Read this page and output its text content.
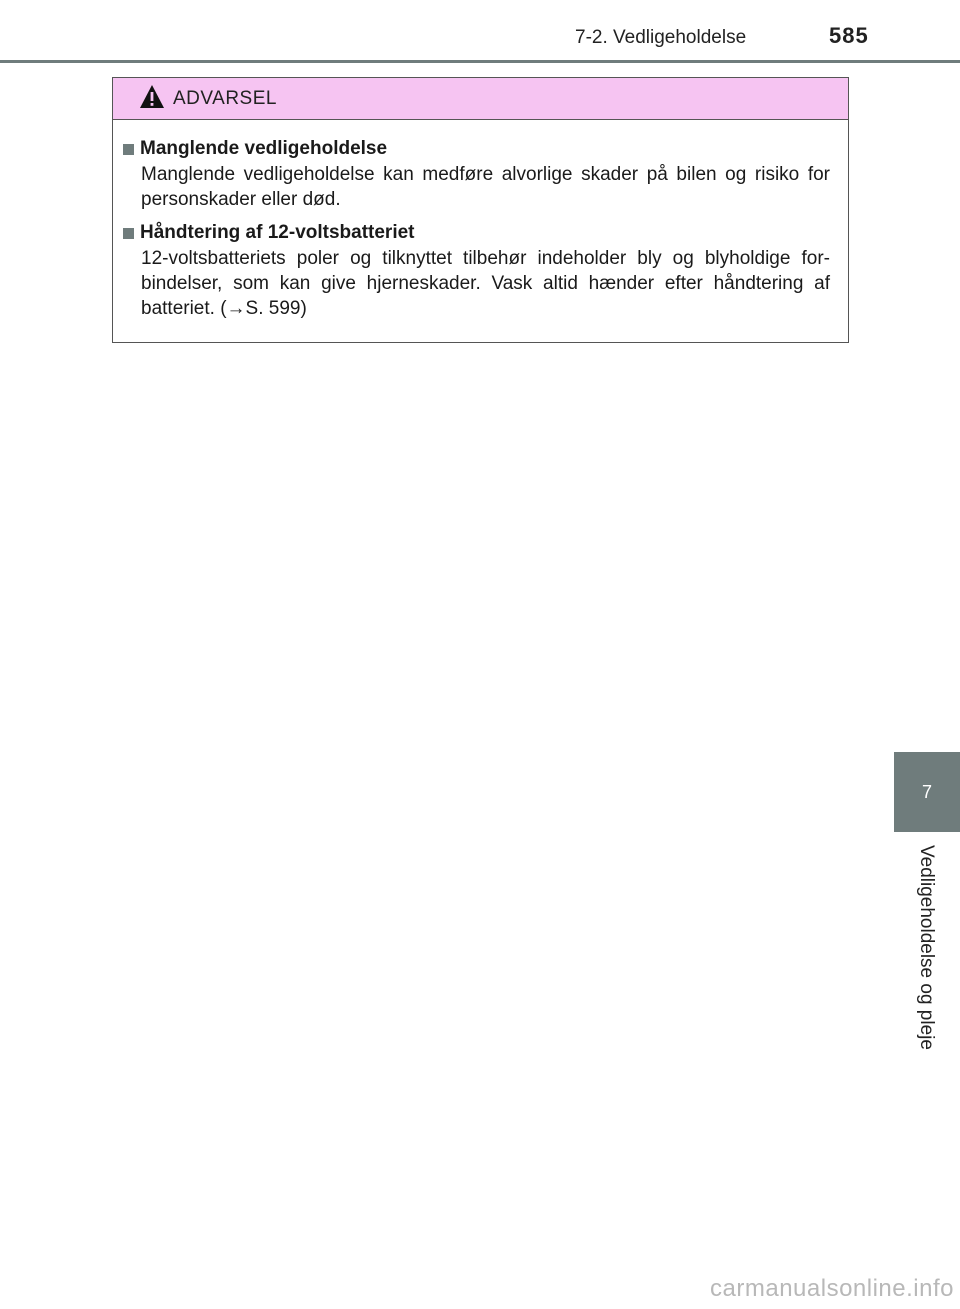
7-2. Vedligeholdelse	585
ADVARSEL
Manglende vedligeholdelse
Manglende vedligeholdelse kan medføre alvorlige skader på bilen og risiko for personskader eller død.
Håndtering af 12-voltsbatteriet
12-voltsbatteriets poler og tilknyttet tilbehør indeholder bly og blyholdige for-bindelser, som kan give hjerneskader. Vask altid hænder efter håndtering af batteriet. (→S. 599)
7
Vedligeholdelse og pleje
carmanualsonline.info
